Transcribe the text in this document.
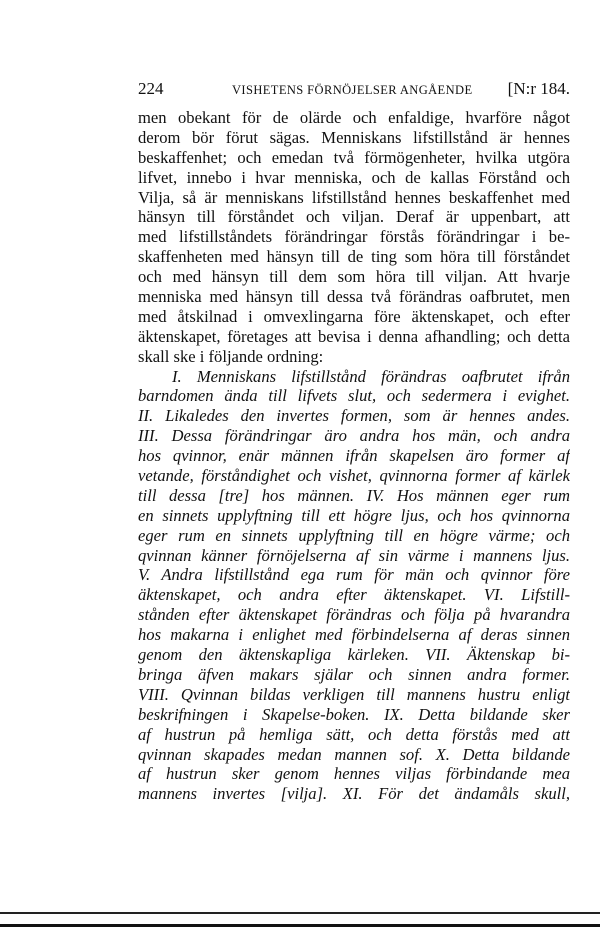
224	VISHETENS FÖRNÖJELSER ANGÅENDE [N:r 184.
men obekant för de olärde och enfaldige, hvarföre något
derom bör förut sägas. Menniskans lifstillstånd är hennes
beskaffenhet; och emedan två förmögenheter, hvilka utgöra
lifvet, innebo i hvar menniska, och de kallas Förstånd och
Vilja, så är menniskans lifstillstånd hennes beskaffenhet med
hänsyn till förståndet och viljan. Deraf är uppenbart, att
med lifstillståndets förändringar förstås förändringar i be-
skaffenheten med hänsyn till de ting som höra till förståndet
och med hänsyn till dem som höra till viljan. Att hvarje
menniska med hänsyn till dessa två förändras oafbrutet, men
med åtskilnad i omvexlingarna före äktenskapet, och efter
äktenskapet, företages att bevisa i denna afhandling; och detta
skall ske i följande ordning:
I. Menniskans lifstillstånd förändras oafbrutet ifrån
barndomen ända till lifvets slut, och sedermera i evighet.
II. Likaledes den invertes formen, som är hennes andes.
III. Dessa förändringar äro andra hos män, och andra
hos qvinnor, enär männen ifrån skapelsen äro former af
vetande, förståndighet och vishet, qvinnorna former af kärlek
till dessa [tre] hos männen. IV. Hos männen eger rum
en sinnets upplyftning till ett högre ljus, och hos qvinnorna
eger rum en sinnets upplyftning till en högre värme; och
qvinnan känner förnöjelserna af sin värme i mannens ljus.
V. Andra lifstillstånd ega rum för män och qvinnor före
äktenskapet, och andra efter äktenskapet. VI. Lifstill-
stånden efter äktenskapet förändras och följa på hvarandra
hos makarna i enlighet med förbindelserna af deras sinnen
genom den äktenskapliga kärleken. VII. Äktenskap bi-
bringa äfven makars själar och sinnen andra former.
VIII. Qvinnan bildas verkligen till mannens hustru enligt
beskrifningen i Skapelse-boken. IX. Detta bildande sker
af hustrun på hemliga sätt, och detta förstås med att
qvinnan skapades medan mannen sof. X. Detta bildande
af hustrun sker genom hennes viljas förbindande mea
mannens invertes [vilja]. XI. För det ändamåls skull,
